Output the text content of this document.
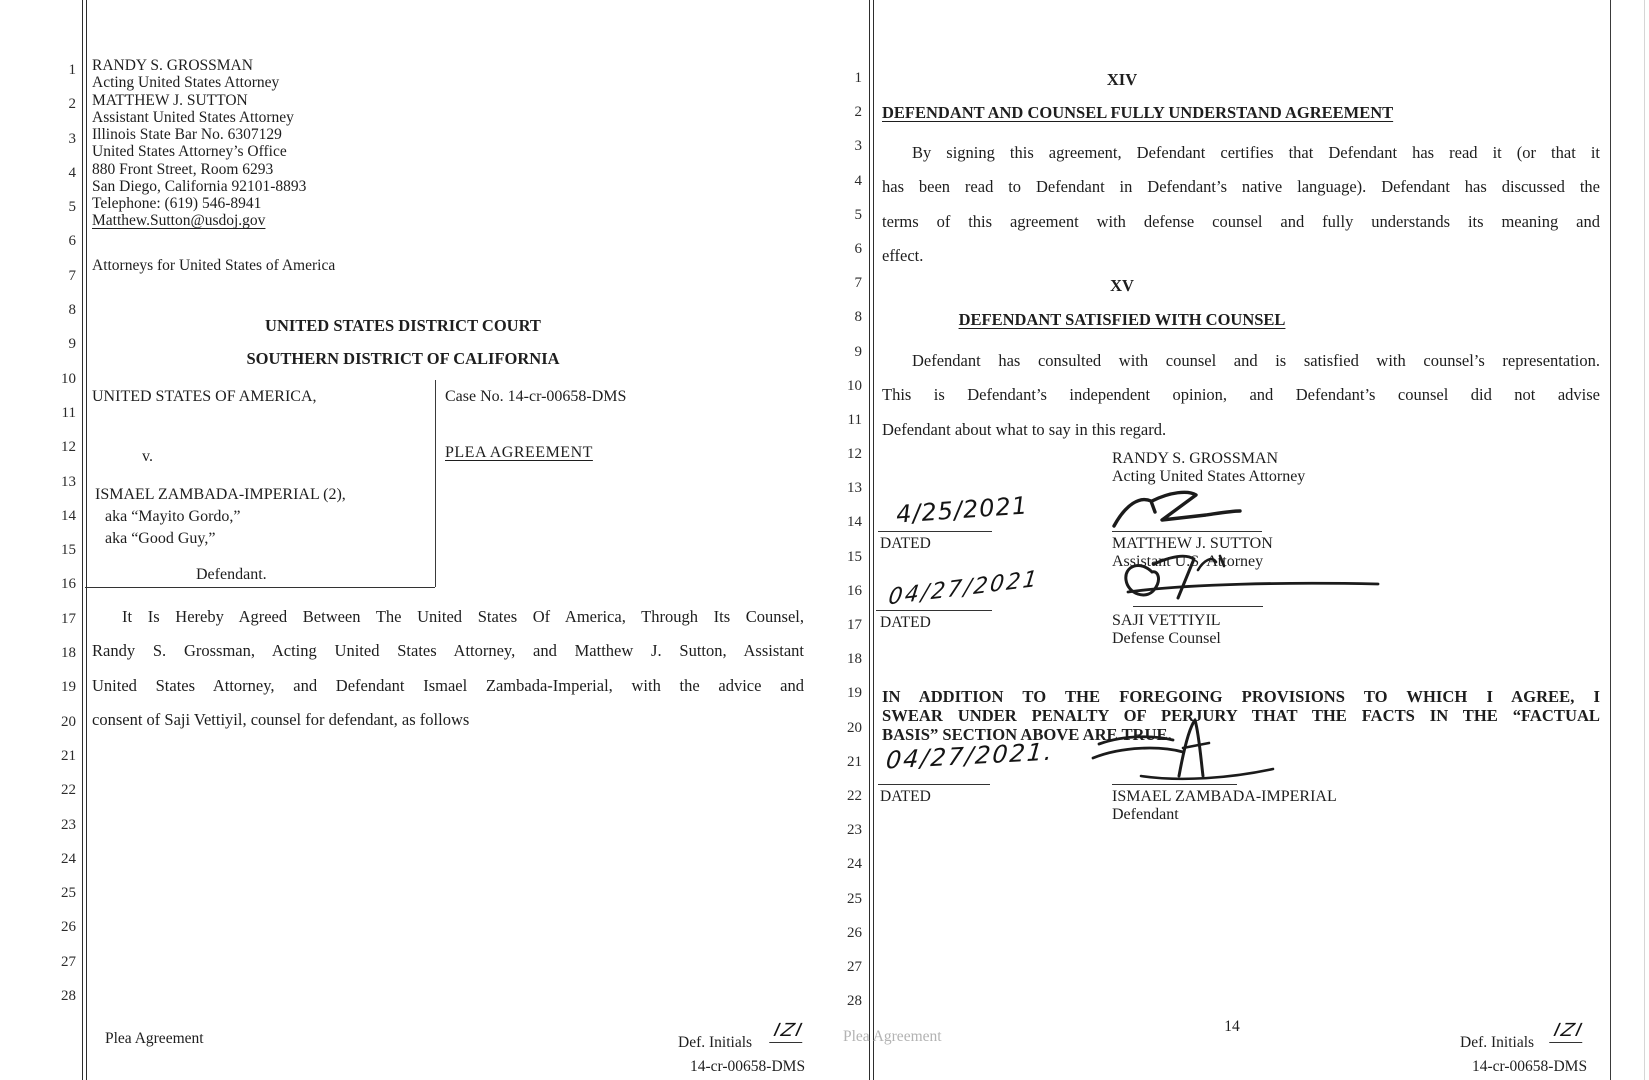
1
2
3
4
5
6
7
8
9
10
11
12
13
14
15
16
17
18
19
20
21
22
23
24
25
26
27
28
RANDY S. GROSSMAN
Acting United States Attorney
MATTHEW J. SUTTON
Assistant United States Attorney
Illinois State Bar No. 6307129
United States Attorney’s Office
880 Front Street, Room 6293
San Diego, California 92101-8893
Telephone: (619) 546-8941
Matthew.Sutton@usdoj.gov
Attorneys for United States of America
UNITED STATES DISTRICT COURT
SOUTHERN DISTRICT OF CALIFORNIA
UNITED STATES OF AMERICA,
v.
ISMAEL ZAMBADA-IMPERIAL (2),
aka “Mayito Gordo,”
aka “Good Guy,”
Defendant.
Case No. 14-cr-00658-DMS
PLEA AGREEMENT
It Is Hereby Agreed Between The United States Of America, Through Its Counsel,
Randy S. Grossman, Acting United States Attorney, and Matthew J. Sutton, Assistant
United States Attorney, and Defendant Ismael Zambada-Imperial, with the advice and
consent of Saji Vettiyil, counsel for defendant, as follows
Plea Agreement	Def. Initials
IZI
14-cr-00658-DMS
1
2
3
4
5
6
7
8
9
10
11
12
13
14
15
16
17
18
19
20
21
22
23
24
25
26
27
28
XIV
DEFENDANT AND COUNSEL FULLY UNDERSTAND AGREEMENT
By signing this agreement, Defendant certifies that Defendant has read it (or that it
has been read to Defendant in Defendant’s native language). Defendant has discussed the
terms of this agreement with defense counsel and fully understands its meaning and
effect.
XV
DEFENDANT SATISFIED WITH COUNSEL
Defendant has consulted with counsel and is satisfied with counsel’s representation.
This is Defendant’s independent opinion, and Defendant’s counsel did not advise
Defendant about what to say in this regard.
RANDY S. GROSSMAN
Acting United States Attorney
4/25/2021
DATED	MATTHEW J. SUTTON
Assistant U.S. Attorney
04/27/2021
DATED	SAJI VETTIYIL
Defense Counsel
IN ADDITION TO THE FOREGOING PROVISIONS TO WHICH I AGREE, I
SWEAR UNDER PENALTY OF PERJURY THAT THE FACTS IN THE “FACTUAL
BASIS” SECTION ABOVE ARE TRUE.
04/27/2021.
DATED	ISMAEL ZAMBADA-IMPERIAL
Defendant
14
Plea Agreement	Def. Initials
IZI
14-cr-00658-DMS
